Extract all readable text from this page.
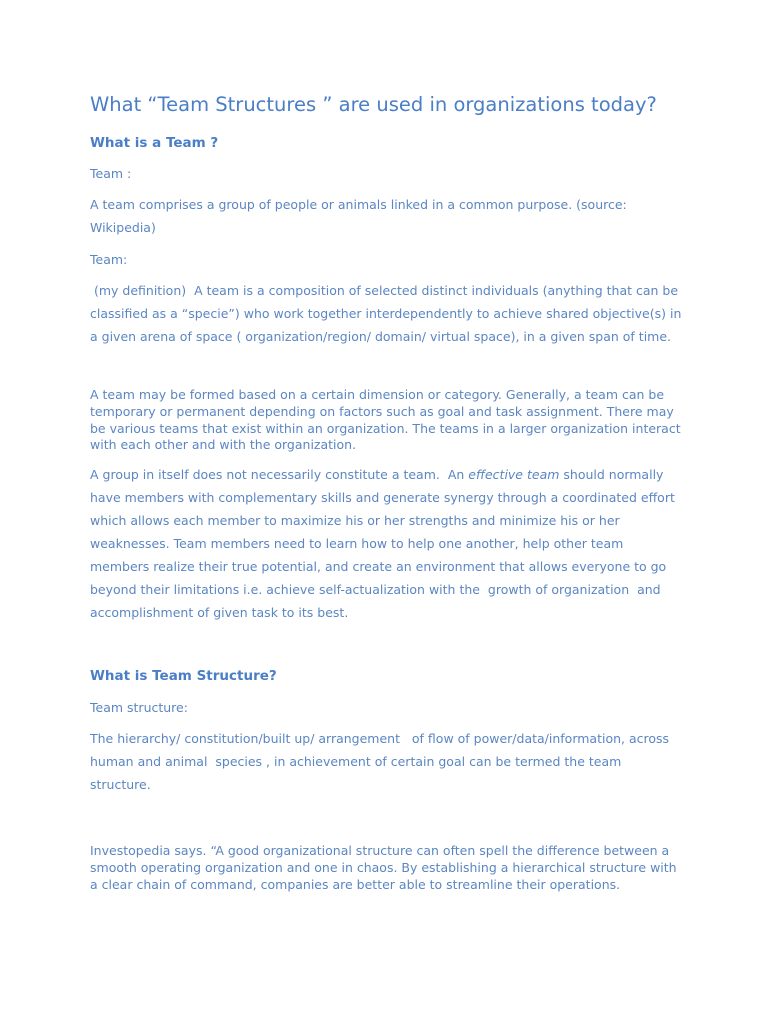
What “Team Structures ” are used in organizations today?
What is a Team ?

Team :

A team comprises a group of people or animals linked in a common purpose. (source: Wikipedia)

Team:

(my definition)  A team is a composition of selected distinct individuals (anything that can be classified as a “specie”) who work together interdependently to achieve shared objective(s) in a given arena of space ( organization/region/ domain/ virtual space), in a given span of time.

A team may be formed based on a certain dimension or category. Generally, a team can be temporary or permanent depending on factors such as goal and task assignment. There may be various teams that exist within an organization. The teams in a larger organization interact with each other and with the organization.

A group in itself does not necessarily constitute a team.  An effective team should normally have members with complementary skills and generate synergy through a coordinated effort which allows each member to maximize his or her strengths and minimize his or her weaknesses. Team members need to learn how to help one another, help other team members realize their true potential, and create an environment that allows everyone to go beyond their limitations i.e. achieve self-actualization with the  growth of organization  and accomplishment of given task to its best.

What is Team Structure?

Team structure:

The hierarchy/ constitution/built up/ arrangement   of flow of power/data/information, across human and animal  species , in achievement of certain goal can be termed the team structure.

Investopedia says. “A good organizational structure can often spell the difference between a smooth operating organization and one in chaos. By establishing a hierarchical structure with a clear chain of command, companies are better able to streamline their operations.
